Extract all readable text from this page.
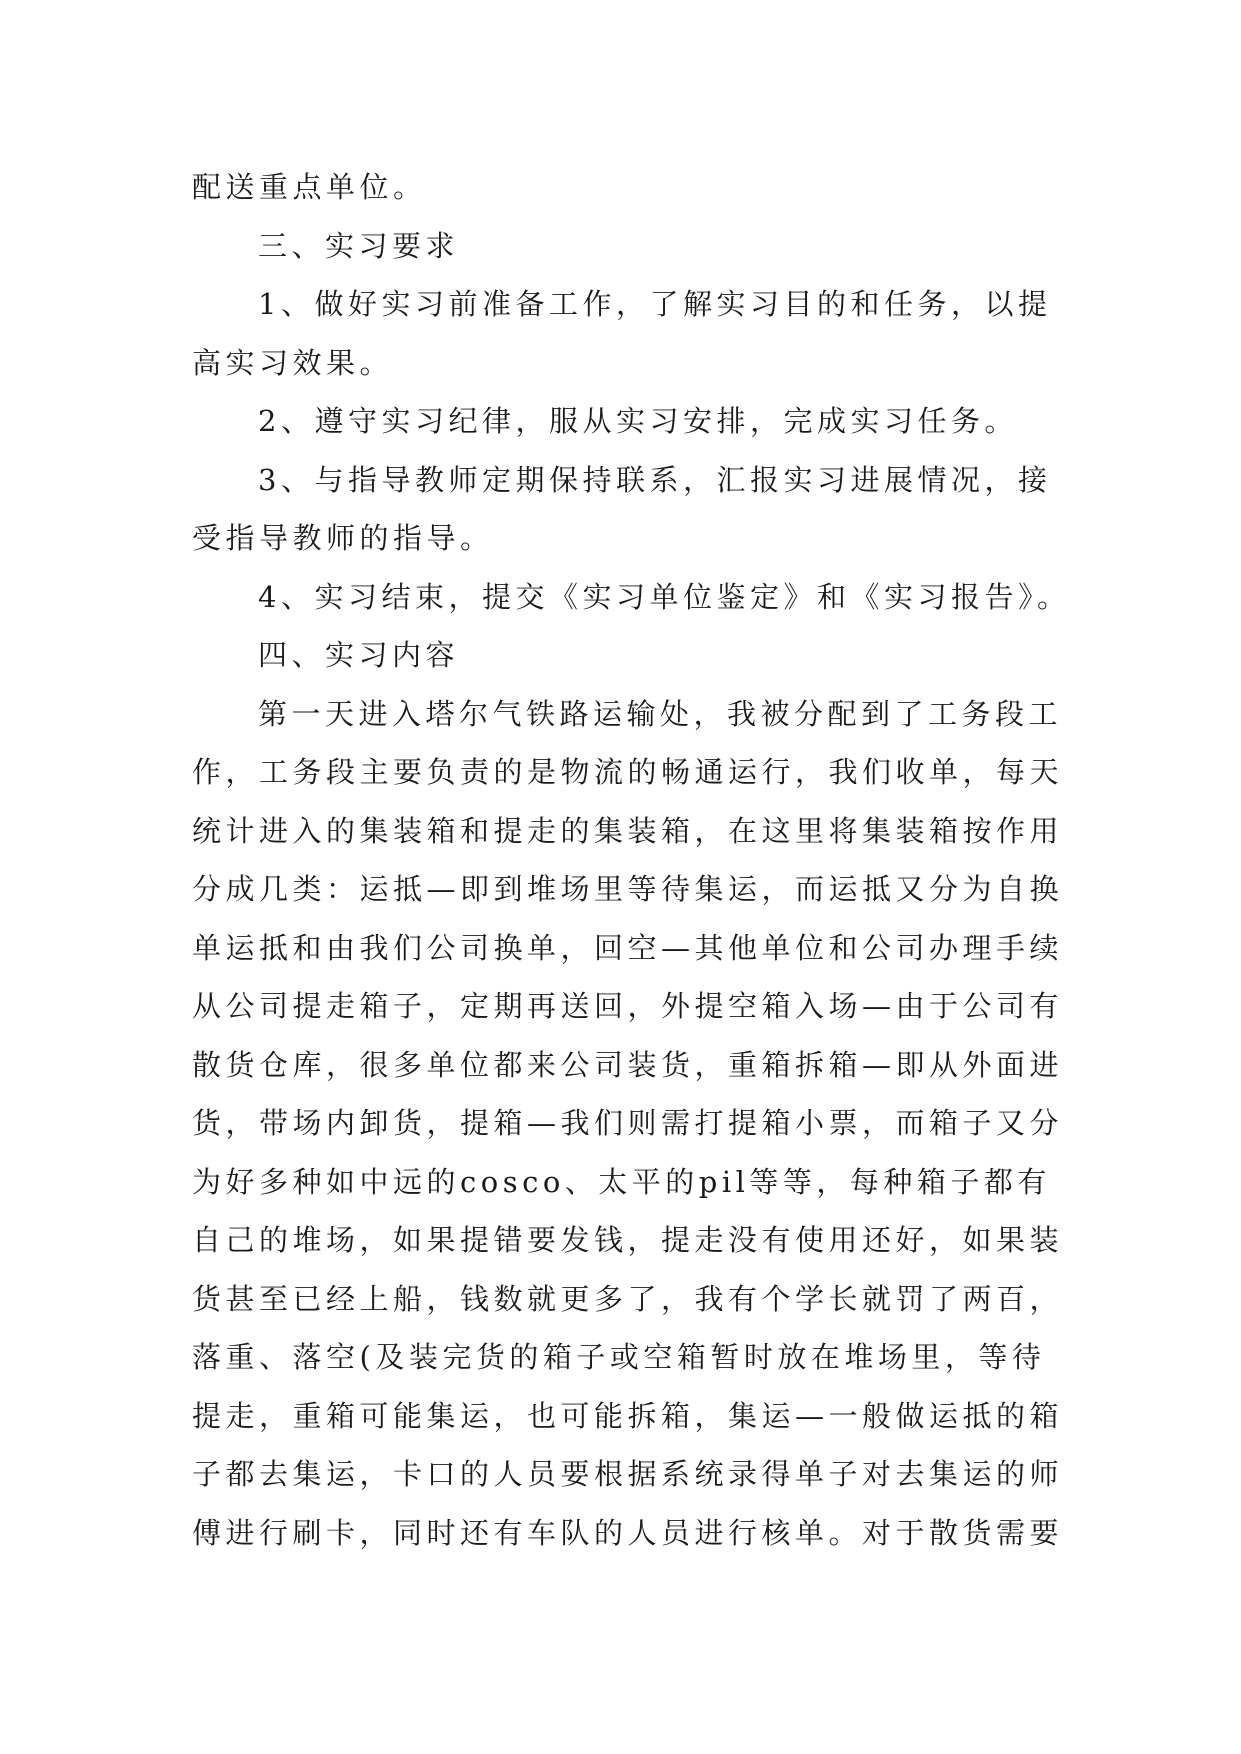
配送重点单位。
三、实习要求
1、做好实习前准备工作，了解实习目的和任务，以提
高实习效果。
2、遵守实习纪律，服从实习安排，完成实习任务。
3、与指导教师定期保持联系，汇报实习进展情况，接
受指导教师的指导。
4、实习结束，提交《实习单位鉴定》和《实习报告》。
四、实习内容
第一天进入塔尔气铁路运输处，我被分配到了工务段工
作，工务段主要负责的是物流的畅通运行，我们收单，每天
统计进入的集装箱和提走的集装箱，在这里将集装箱按作用
分成几类：运抵—即到堆场里等待集运，而运抵又分为自换
单运抵和由我们公司换单，回空—其他单位和公司办理手续
从公司提走箱子，定期再送回，外提空箱入场—由于公司有
散货仓库，很多单位都来公司装货，重箱拆箱—即从外面进
货，带场内卸货，提箱—我们则需打提箱小票，而箱子又分
为好多种如中远的cosco、太平的pil等等，每种箱子都有
自己的堆场，如果提错要发钱，提走没有使用还好，如果装
货甚至已经上船，钱数就更多了，我有个学长就罚了两百，
落重、落空(及装完货的箱子或空箱暂时放在堆场里，等待
提走，重箱可能集运，也可能拆箱，集运—一般做运抵的箱
子都去集运，卡口的人员要根据系统录得单子对去集运的师
傅进行刷卡，同时还有车队的人员进行核单。对于散货需要
